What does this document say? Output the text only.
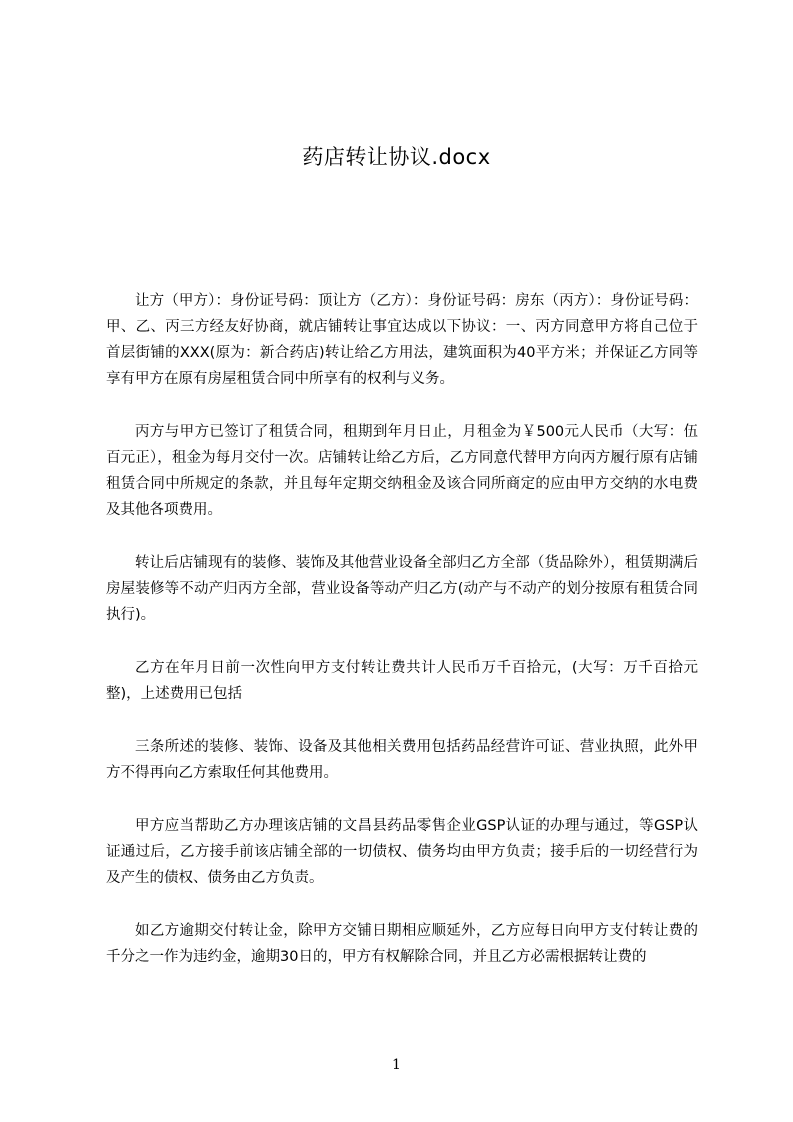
药店转让协议.docx

让方（甲方）：身份证号码：顶让方（乙方）：身份证号码：房东（丙方）：身份证号码：甲、乙、丙三方经友好协商，就店铺转让事宜达成以下协议：一、丙方同意甲方将自己位于首层街铺的XXX(原为：新合药店)转让给乙方用法，建筑面积为40平方米；并保证乙方同等享有甲方在原有房屋租赁合同中所享有的权利与义务。

丙方与甲方已签订了租赁合同，租期到年月日止，月租金为￥500元人民币（大写：伍百元正），租金为每月交付一次。店铺转让给乙方后，乙方同意代替甲方向丙方履行原有店铺租赁合同中所规定的条款，并且每年定期交纳租金及该合同所商定的应由甲方交纳的水电费及其他各项费用。

转让后店铺现有的装修、装饰及其他营业设备全部归乙方全部（货品除外），租赁期满后房屋装修等不动产归丙方全部，营业设备等动产归乙方(动产与不动产的划分按原有租赁合同执行)。

乙方在年月日前一次性向甲方支付转让费共计人民币万千百拾元，(大写：万千百拾元整)，上述费用已包括

三条所述的装修、装饰、设备及其他相关费用包括药品经营许可证、营业执照，此外甲方不得再向乙方索取任何其他费用。

甲方应当帮助乙方办理该店铺的文昌县药品零售企业GSP认证的办理与通过，等GSP认证通过后，乙方接手前该店铺全部的一切债权、债务均由甲方负责；接手后的一切经营行为及产生的债权、债务由乙方负责。

如乙方逾期交付转让金，除甲方交铺日期相应顺延外，乙方应每日向甲方支付转让费的千分之一作为违约金，逾期30日的，甲方有权解除合同，并且乙方必需根据转让费的

1
